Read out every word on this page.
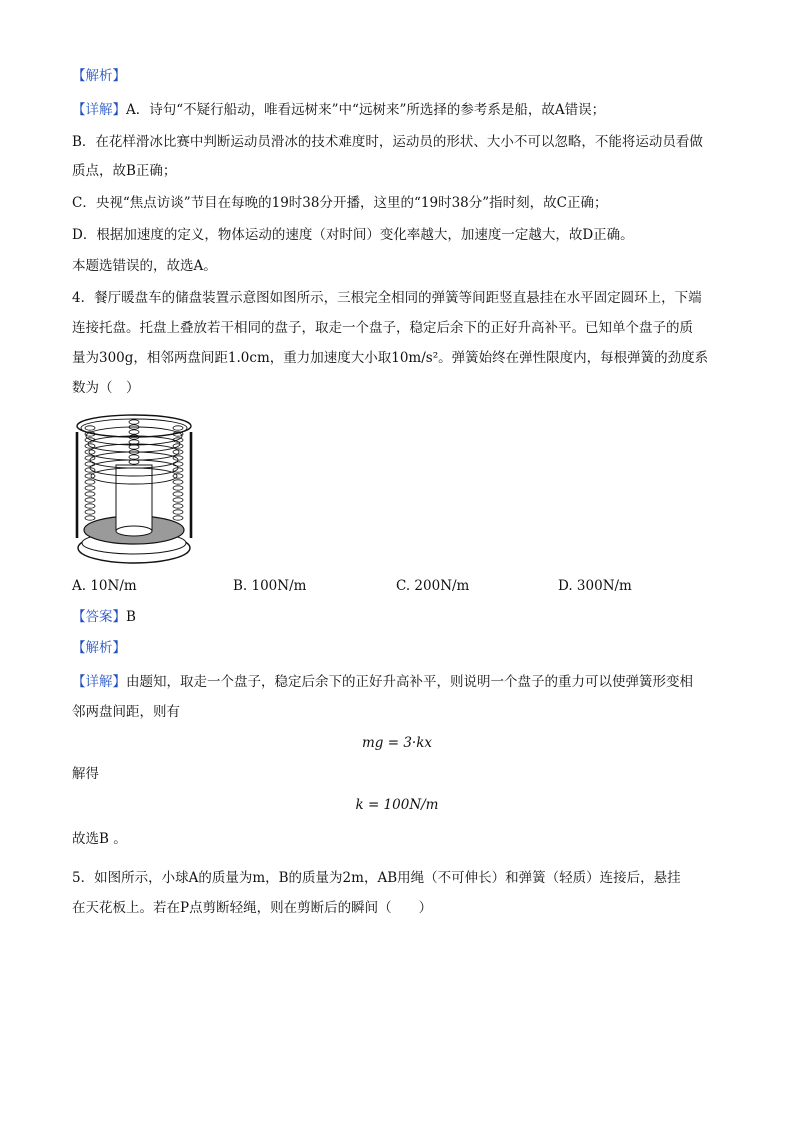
【解析】
【详解】A．诗句“不疑行船动，唯看远树来”中“远树来”所选择的参考系是船，故A错误；
B．在花样滑冰比赛中判断运动员滑冰的技术难度时，运动员的形状、大小不可以忽略，不能将运动员看做
质点，故B正确；
C．央视“焦点访谈”节目在每晚的19时38分开播，这里的“19时38分”指时刻，故C正确；
D．根据加速度的定义，物体运动的速度（对时间）变化率越大，加速度一定越大，故D正确。
本题选错误的，故选A。
4．餐厅暖盘车的储盘装置示意图如图所示，三根完全相同的弹簧等间距竖直悬挂在水平固定圆环上，下端
连接托盘。托盘上叠放若干相同的盘子，取走一个盘子，稳定后余下的正好升高补平。已知单个盘子的质
量为300g，相邻两盘间距1.0cm，重力加速度大小取10m/s²。弹簧始终在弹性限度内，每根弹簧的劲度系
数为（　）
A. 10N/m	B. 100N/m	C. 200N/m	D. 300N/m
【答案】B
【解析】
【详解】由题知，取走一个盘子，稳定后余下的正好升高补平，则说明一个盘子的重力可以使弹簧形变相
邻两盘间距，则有
mg = 3·kx
解得
k = 100N/m
故选B 。
5．如图所示，小球A的质量为m，B的质量为2m，AB用绳（不可伸长）和弹簧（轻质）连接后，悬挂
在天花板上。若在P点剪断轻绳，则在剪断后的瞬间（　　）
